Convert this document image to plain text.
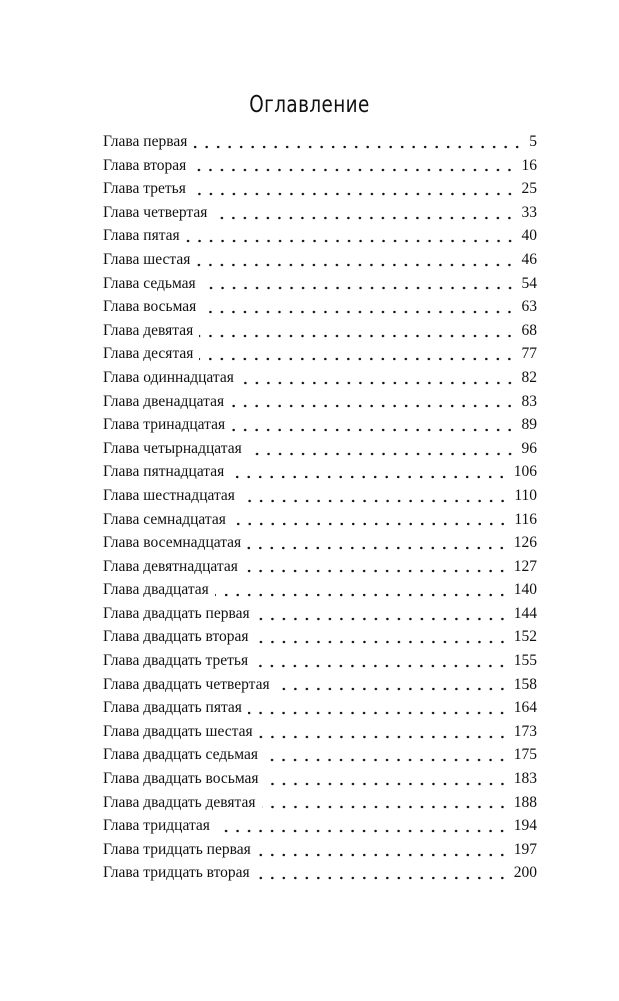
Оглавление
Глава первая	5
Глава вторая	16
Глава третья	25
Глава четвертая	33
Глава пятая	40
Глава шестая	46
Глава седьмая	54
Глава восьмая	63
Глава девятая	68
Глава десятая	77
Глава одиннадцатая	82
Глава двенадцатая	83
Глава тринадцатая	89
Глава четырнадцатая	96
Глава пятнадцатая	106
Глава шестнадцатая	110
Глава семнадцатая	116
Глава восемнадцатая	126
Глава девятнадцатая	127
Глава двадцатая	140
Глава двадцать первая	144
Глава двадцать вторая	152
Глава двадцать третья	155
Глава двадцать четвертая	158
Глава двадцать пятая	164
Глава двадцать шестая	173
Глава двадцать седьмая	175
Глава двадцать восьмая	183
Глава двадцать девятая	188
Глава тридцатая	194
Глава тридцать первая	197
Глава тридцать вторая	200
